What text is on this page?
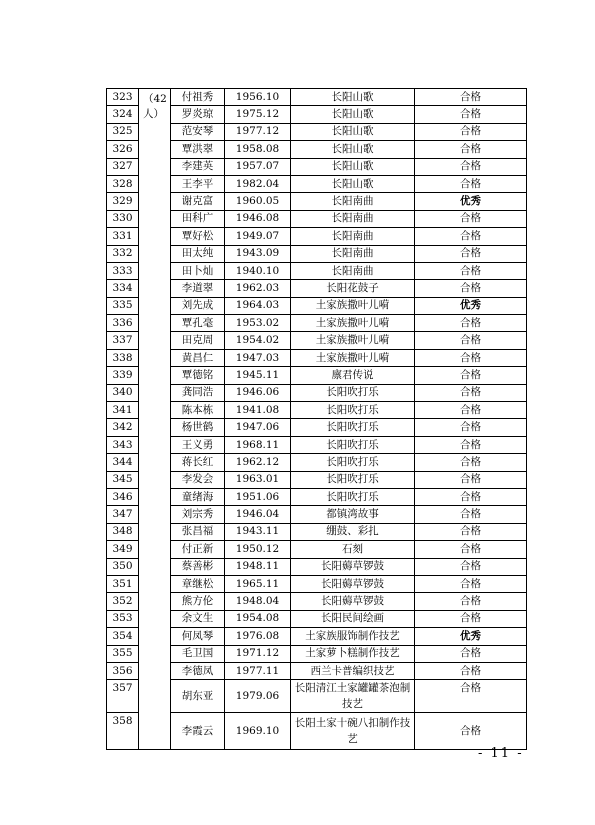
323	（42人）	付祖秀	1956.10	长阳山歌	合格
324		罗炎琼	1975.12	长阳山歌	合格
325		范安琴	1977.12	长阳山歌	合格
326		覃洪翠	1958.08	长阳山歌	合格
327		李建英	1957.07	长阳山歌	合格
328		王李平	1982.04	长阳山歌	合格
329		谢克富	1960.05	长阳南曲	优秀
330		田科广	1946.08	长阳南曲	合格
331		覃好松	1949.07	长阳南曲	合格
332		田太纯	1943.09	长阳南曲	合格
333		田卜灿	1940.10	长阳南曲	合格
334		李道翠	1962.03	长阳花鼓子	合格
335		刘先成	1964.03	土家族撒叶儿嗬	优秀
336		覃孔毫	1953.02	土家族撒叶儿嗬	合格
337		田克周	1954.02	土家族撒叶儿嗬	合格
338		黄昌仁	1947.03	土家族撒叶儿嗬	合格
339		覃德铭	1945.11	廪君传说	合格
340		龚同浩	1946.06	长阳吹打乐	合格
341		陈本栋	1941.08	长阳吹打乐	合格
342		杨世鹤	1947.06	长阳吹打乐	合格
343		王义勇	1968.11	长阳吹打乐	合格
344		蒋长红	1962.12	长阳吹打乐	合格
345		李发会	1963.01	长阳吹打乐	合格
346		童绪海	1951.06	长阳吹打乐	合格
347		刘宗秀	1946.04	都镇湾故事	合格
348		张昌福	1943.11	绷鼓、彩扎	合格
349		付正新	1950.12	石刻	合格
350		蔡善彬	1948.11	长阳薅草锣鼓	合格
351		章继松	1965.11	长阳薅草锣鼓	合格
352		熊方伦	1948.04	长阳薅草锣鼓	合格
353		余文生	1954.08	长阳民间绘画	合格
354		何凤琴	1976.08	土家族服饰制作技艺	优秀
355		毛卫国	1971.12	土家萝卜糕制作技艺	合格
356		李德凤	1977.11	西兰卡普编织技艺	合格
357		胡东亚	1979.06	长阳清江土家罐罐茶泡制技艺	合格
358		李霞云	1969.10	长阳土家十碗八扣制作技艺	合格
- 11 -
